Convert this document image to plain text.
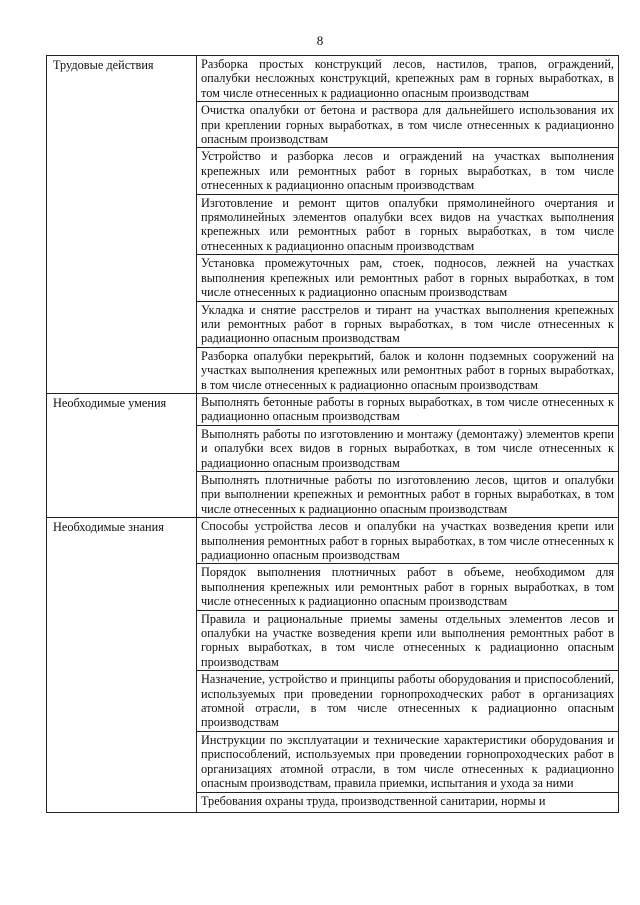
8
Трудовые действия	Разборка простых конструкций лесов, настилов, трапов, ограждений, опалубки несложных конструкций, крепежных рам в горных выработках, в том числе отнесенных к радиационно опасным производствам
	Очистка опалубки от бетона и раствора для дальнейшего использования их при креплении горных выработках, в том числе отнесенных к радиационно опасным производствам
	Устройство и разборка лесов и ограждений на участках выполнения крепежных или ремонтных работ в горных выработках, в том числе отнесенных к радиационно опасным производствам
	Изготовление и ремонт щитов опалубки прямолинейного очертания и прямолинейных элементов опалубки всех видов на участках выполнения крепежных или ремонтных работ в горных выработках, в том числе отнесенных к радиационно опасным производствам
	Установка промежуточных рам, стоек, подносов, лежней на участках выполнения крепежных или ремонтных работ в горных выработках, в том числе отнесенных к радиационно опасным производствам
	Укладка и снятие расстрелов и тирант на участках выполнения крепежных или ремонтных работ в горных выработках, в том числе отнесенных к радиационно опасным производствам
	Разборка опалубки перекрытий, балок и колонн подземных сооружений на участках выполнения крепежных или ремонтных работ в горных выработках, в том числе отнесенных к радиационно опасным производствам
Необходимые умения	Выполнять бетонные работы в горных выработках, в том числе отнесенных к радиационно опасным производствам
	Выполнять работы по изготовлению и монтажу (демонтажу) элементов крепи и опалубки всех видов в горных выработках, в том числе отнесенных к радиационно опасным производствам
	Выполнять плотничные работы по изготовлению лесов, щитов и опалубки при выполнении крепежных и ремонтных работ в горных выработках, в том числе отнесенных к радиационно опасным производствам
Необходимые знания	Способы устройства лесов и опалубки на участках возведения крепи или выполнения ремонтных работ в горных выработках, в том числе отнесенных к радиационно опасным производствам
	Порядок выполнения плотничных работ в объеме, необходимом для выполнения крепежных или ремонтных работ в горных выработках, в том числе отнесенных к радиационно опасным производствам
	Правила и рациональные приемы замены отдельных элементов лесов и опалубки на участке возведения крепи или выполнения ремонтных работ в горных выработках, в том числе отнесенных к радиационно опасным производствам
	Назначение, устройство и принципы работы оборудования и приспособлений, используемых при проведении горнопроходческих работ в организациях атомной отрасли, в том числе отнесенных к радиационно опасным производствам
	Инструкции по эксплуатации и технические характеристики оборудования и приспособлений, используемых при проведении горнопроходческих работ в организациях атомной отрасли, в том числе отнесенных к радиационно опасным производствам, правила приемки, испытания и ухода за ними

	Требования охраны труда, производственной санитарии, нормы и
